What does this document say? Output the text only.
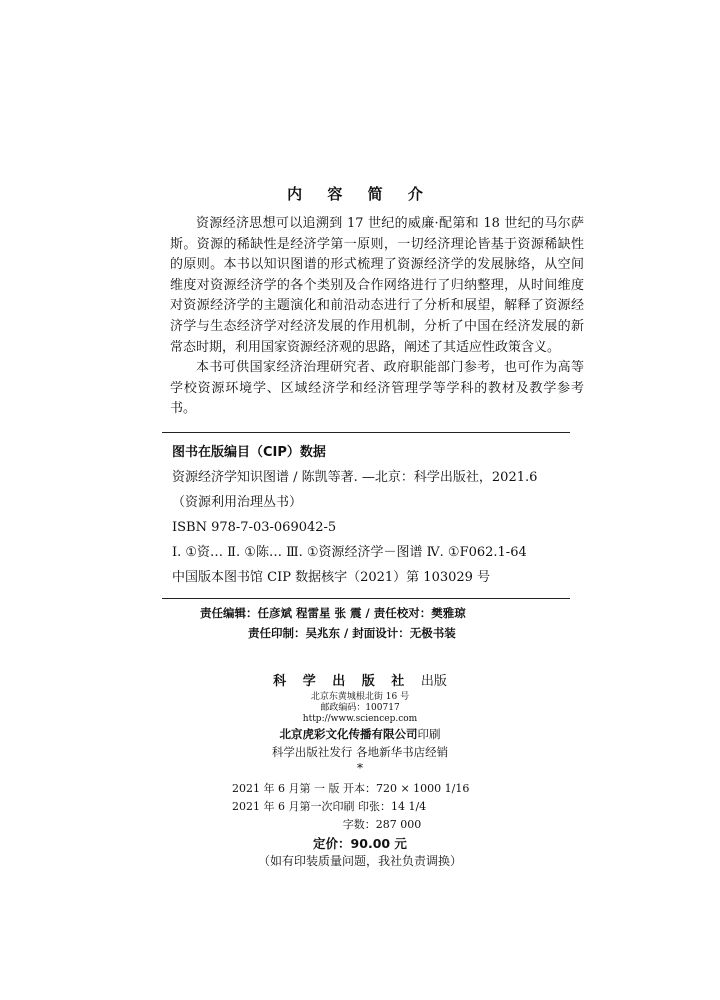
内 容 简 介

资源经济思想可以追溯到 17 世纪的威廉·配第和 18 世纪的马尔萨斯。资源的稀缺性是经济学第一原则，一切经济理论皆基于资源稀缺性的原则。本书以知识图谱的形式梳理了资源经济学的发展脉络，从空间维度对资源经济学的各个类别及合作网络进行了归纳整理，从时间维度对资源经济学的主题演化和前沿动态进行了分析和展望，解释了资源经济学与生态经济学对经济发展的作用机制，分析了中国在经济发展的新常态时期，利用国家资源经济观的思路，阐述了其适应性政策含义。

本书可供国家经济治理研究者、政府职能部门参考，也可作为高等学校资源环境学、区域经济学和经济管理学等学科的教材及教学参考书。

图书在版编目（CIP）数据
资源经济学知识图谱 / 陈凯等著. —北京：科学出版社，2021.6
（资源利用治理丛书）
ISBN 978-7-03-069042-5
Ⅰ. ①资… Ⅱ. ①陈… Ⅲ. ①资源经济学－图谱 Ⅳ. ①F062.1-64
中国版本图书馆 CIP 数据核字（2021）第 103029 号
责任编辑：任彦斌 程雷星 张 震 / 责任校对：樊雅琼
责任印制：吴兆东 / 封面设计：无极书装
科 学 出 版 社 出版
北京东黄城根北街 16 号
邮政编码：100717
http://www.sciencep.com
北京虎彩文化传播有限公司印刷
科学出版社发行 各地新华书店经销
*
2021 年 6 月第 一 版 开本：720 × 1000 1/16
2021 年 6 月第一次印刷 印张：14 1/4
字数：287 000
定价：90.00 元
（如有印装质量问题，我社负责调换）
